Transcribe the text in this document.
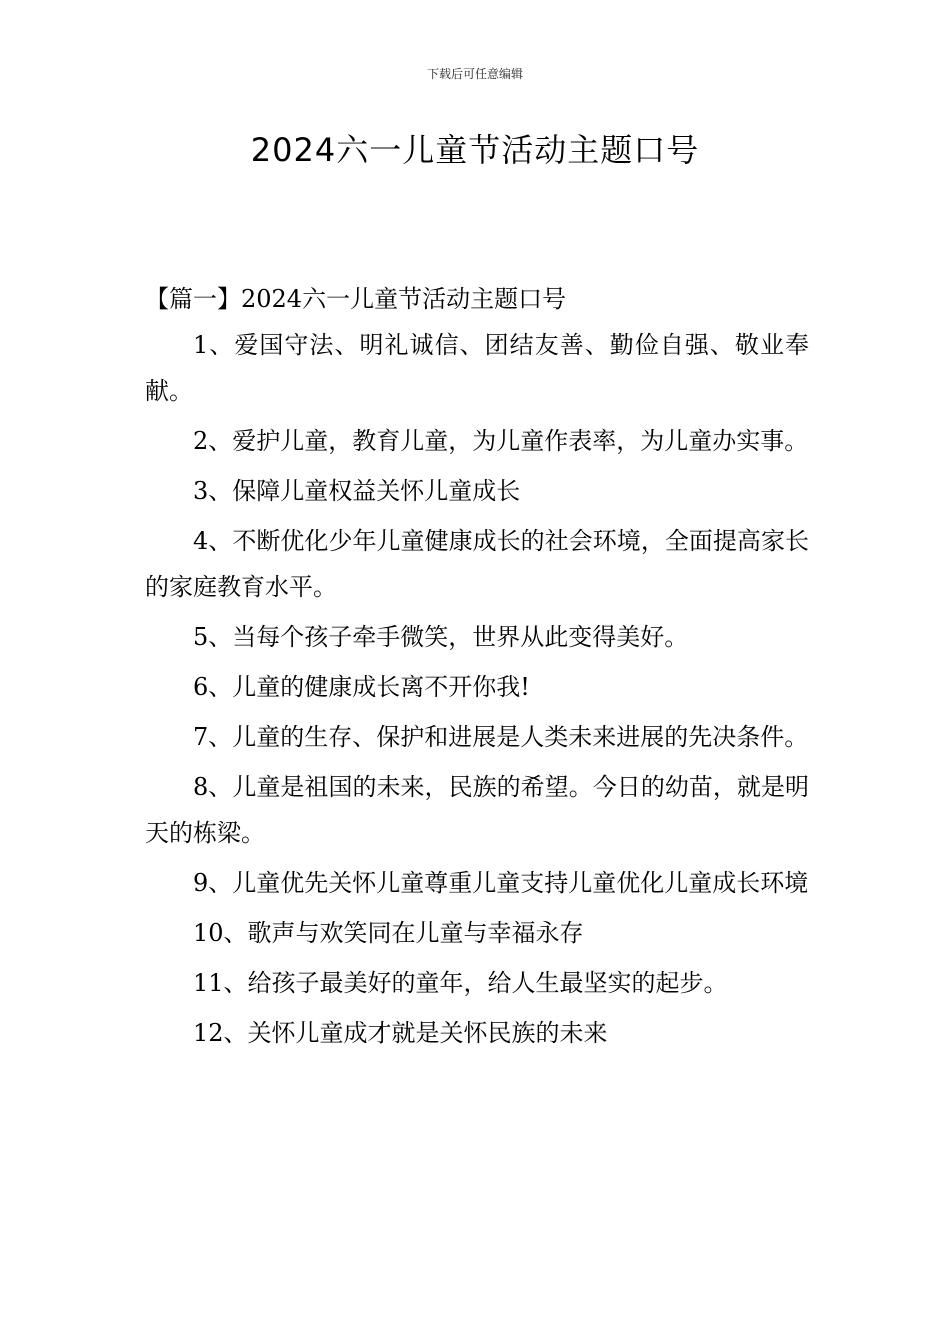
下载后可任意编辑
2024六一儿童节活动主题口号

【篇一】2024六一儿童节活动主题口号

1、爱国守法、明礼诚信、团结友善、勤俭自强、敬业奉献。

2、爱护儿童，教育儿童，为儿童作表率，为儿童办实事。

3、保障儿童权益关怀儿童成长

4、不断优化少年儿童健康成长的社会环境，全面提高家长的家庭教育水平。

5、当每个孩子牵手微笑，世界从此变得美好。

6、儿童的健康成长离不开你我!

7、儿童的生存、保护和进展是人类未来进展的先决条件。

8、儿童是祖国的未来，民族的希望。今日的幼苗，就是明天的栋梁。

9、儿童优先关怀儿童尊重儿童支持儿童优化儿童成长环境

10、歌声与欢笑同在儿童与幸福永存

11、给孩子最美好的童年，给人生最坚实的起步。

12、关怀儿童成才就是关怀民族的未来
